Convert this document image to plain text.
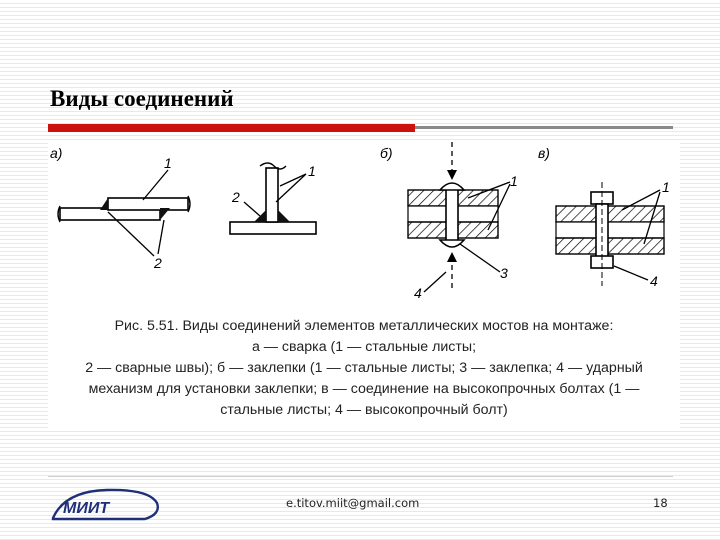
Виды соединений
а)
1
2
1
2
б)
1
3
4
в)
1
4
Рис. 5.51. Виды соединений элементов металлических мостов на монтаже:
а — сварка (1 — стальные листы;
2 — сварные швы); б — заклепки (1 — стальные листы; 3 — заклепка; 4 — ударный
механизм для установки заклепки; в — соединение на высокопрочных болтах (1 —
стальные листы; 4 — высокопрочный болт)
МИИТ	e.titov.miit@gmail.com	18
